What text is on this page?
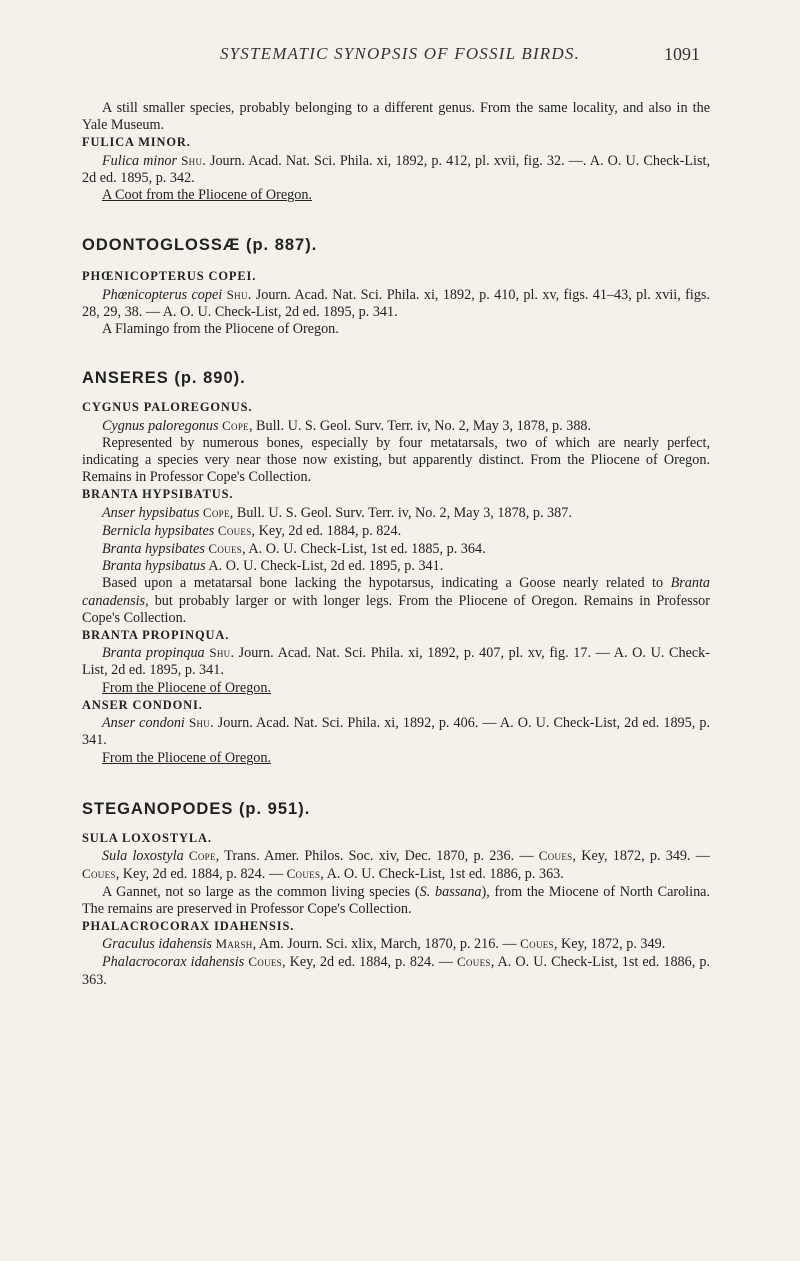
SYSTEMATIC SYNOPSIS OF FOSSIL BIRDS.	1091

A still smaller species, probably belonging to a different genus. From the same locality, and also in the Yale Museum.

FULICA MINOR.

Fulica minor Shu. Journ. Acad. Nat. Sci. Phila. xi, 1892, p. 412, pl. xvii, fig. 32. —. A. O. U. Check-List, 2d ed. 1895, p. 342.

A Coot from the Pliocene of Oregon.

ODONTOGLOSSÆ (p. 887).

PHŒNICOPTERUS COPEI.

Phœnicopterus copei Shu. Journ. Acad. Nat. Sci. Phila. xi, 1892, p. 410, pl. xv, figs. 41–43, pl. xvii, figs. 28, 29, 38. — A. O. U. Check-List, 2d ed. 1895, p. 341.

A Flamingo from the Pliocene of Oregon.

ANSERES (p. 890).

CYGNUS PALOREGONUS.

Cygnus paloregonus Cope, Bull. U. S. Geol. Surv. Terr. iv, No. 2, May 3, 1878, p. 388.

Represented by numerous bones, especially by four metatarsals, two of which are nearly perfect, indicating a species very near those now existing, but apparently distinct. From the Pliocene of Oregon. Remains in Professor Cope's Collection.

BRANTA HYPSIBATUS.

Anser hypsibatus Cope, Bull. U. S. Geol. Surv. Terr. iv, No. 2, May 3, 1878, p. 387.

Bernicla hypsibates Coues, Key, 2d ed. 1884, p. 824.

Branta hypsibates Coues, A. O. U. Check-List, 1st ed. 1885, p. 364.

Branta hypsibatus A. O. U. Check-List, 2d ed. 1895, p. 341.

Based upon a metatarsal bone lacking the hypotarsus, indicating a Goose nearly related to Branta canadensis, but probably larger or with longer legs. From the Pliocene of Oregon. Remains in Professor Cope's Collection.

BRANTA PROPINQUA.

Branta propinqua Shu. Journ. Acad. Nat. Sci. Phila. xi, 1892, p. 407, pl. xv, fig. 17. — A. O. U. Check-List, 2d ed. 1895, p. 341.

From the Pliocene of Oregon.

ANSER CONDONI.

Anser condoni Shu. Journ. Acad. Nat. Sci. Phila. xi, 1892, p. 406. — A. O. U. Check-List, 2d ed. 1895, p. 341.

From the Pliocene of Oregon.

STEGANOPODES (p. 951).

SULA LOXOSTYLA.

Sula loxostyla Cope, Trans. Amer. Philos. Soc. xiv, Dec. 1870, p. 236. — Coues, Key, 1872, p. 349. — Coues, Key, 2d ed. 1884, p. 824. — Coues, A. O. U. Check-List, 1st ed. 1886, p. 363.

A Gannet, not so large as the common living species (S. bassana), from the Miocene of North Carolina. The remains are preserved in Professor Cope's Collection.

PHALACROCORAX IDAHENSIS.

Graculus idahensis Marsh, Am. Journ. Sci. xlix, March, 1870, p. 216. — Coues, Key, 1872, p. 349.

Phalacrocorax idahensis Coues, Key, 2d ed. 1884, p. 824. — Coues, A. O. U. Check-List, 1st ed. 1886, p. 363.
